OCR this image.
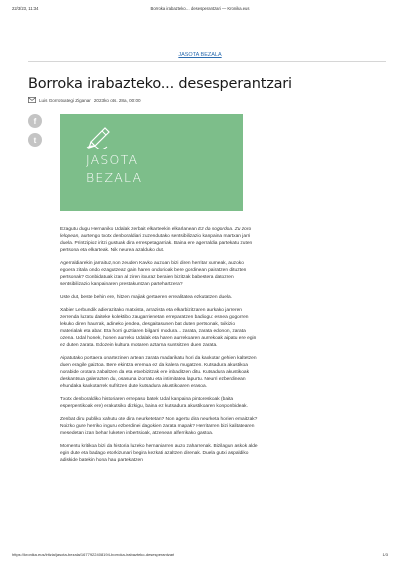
22/3/23, 11:34	Borroka irabazteko… desesperantzari — Kronika.eus
JASOTA BEZALA
Borroka irabazteko... desesperantzari
Luis Gorrotxategi Ziganar 2023ko ots. 28a, 00:00
f
t
JASOTA
BEZALA

Ezagutu dugu Hernaniko Udalak zerbait elkarteekin elkarlanean Ez da sogordoa. Zu zoro lelopean, aurtengo txotx denboraldiari zuzendutako sentsibilizazio kanpaina martxan jarri duela. Printzipioz iritzi gustuak dira errespetagarriak. Baina ere agerraldia partekatu zuten pertsona eta elkarteak. Nik neurea azalduko dut.

Agerraldiarekin jarraituz,non zeuden Kavko auzoan bizi diren herritar xumeak, auzoko egoera zitala ondo ezagutzeaz gain haren ondorioak bere gordinean pairatzen dituzten pertsonak? Gonbidatuak izan al ziren itxuraz beraien bizitzak babestera datozren sentsibilizazio kanpainaren prestakuntzan partehartzera?

Uste dut, beste behin ere, hitzen majiak gertaeren errealitatea ezkutatzen duela.

Xabier Lerbundik adierazitako matxista, arrazista eta elkarbizitzaren aurkako jarreren zerrenda luzatu daiteke kolektibo zaugarrienetan erreparatzen badiogu: esnea gogorren lekuko diren haurrak, adineko jendea, desgaitasunen bat duten pertsonak, txikizio materialak eta abar. Eta horri guztiaren bilgarri modura... zarata, zarata edonon, zarata ozena. Udal honek, honen aurreko Udalak eta haren aurrekoaren aurrekoak aipatu ere egin ez duten zarata. Edozein kultura motaren aztarna suntsitzen duen zarata.

Aipatutako portaera onartezinen artean zarata madarikatu hori da kaxkotar gehien kaltetzen duen eragile gaiztoa. Bere ekintza eremua ez da kalera mugatzen. Kutsadura akustikoa norabide orotara zabaltzen da eta etxebizitzak ere inbaditzen ditu. Kutsadura akustikoak deskantsua galerazten du, osasuna izorratu eta intimitatea lapurtu. Neurri ezberdinean ehundaka kaxkotarrek sufritzen dute kutsadura akustikoaren erasoa.

Txotx denboraldiko historiaren errepaso batek Udal kanpaina pintoreskoak (baita esperpentikoak ere) erakutsiko dizkigu, baina ez kutsadura akustikoaren konponbideak.

Zenbat diru publiko xahutu ote dira neurketetan? Non agertu dira neurketa horien emaitzak? Noizko gure herriko inguru ezberdinei dagokien zarata mapak? Herritarren bizi kalitatearen mesedetan izan behar luketen inbertsioak, atzenean alferrikako gastoa.

Momentu kritikoa bizi da historia luzeko hernaniarren auzo zaharrenak. Bizilagun askok alde egin dute eta badago etorkizunari begira kezkati azaltzen direnak. Duela gutxi aspaldiko adiskide batekin hona hau partekatzen

https://kronika.eus/iritzia/jasota-bezala/1677922408194-borroka-irabazteko-desesperantzari	1/3
